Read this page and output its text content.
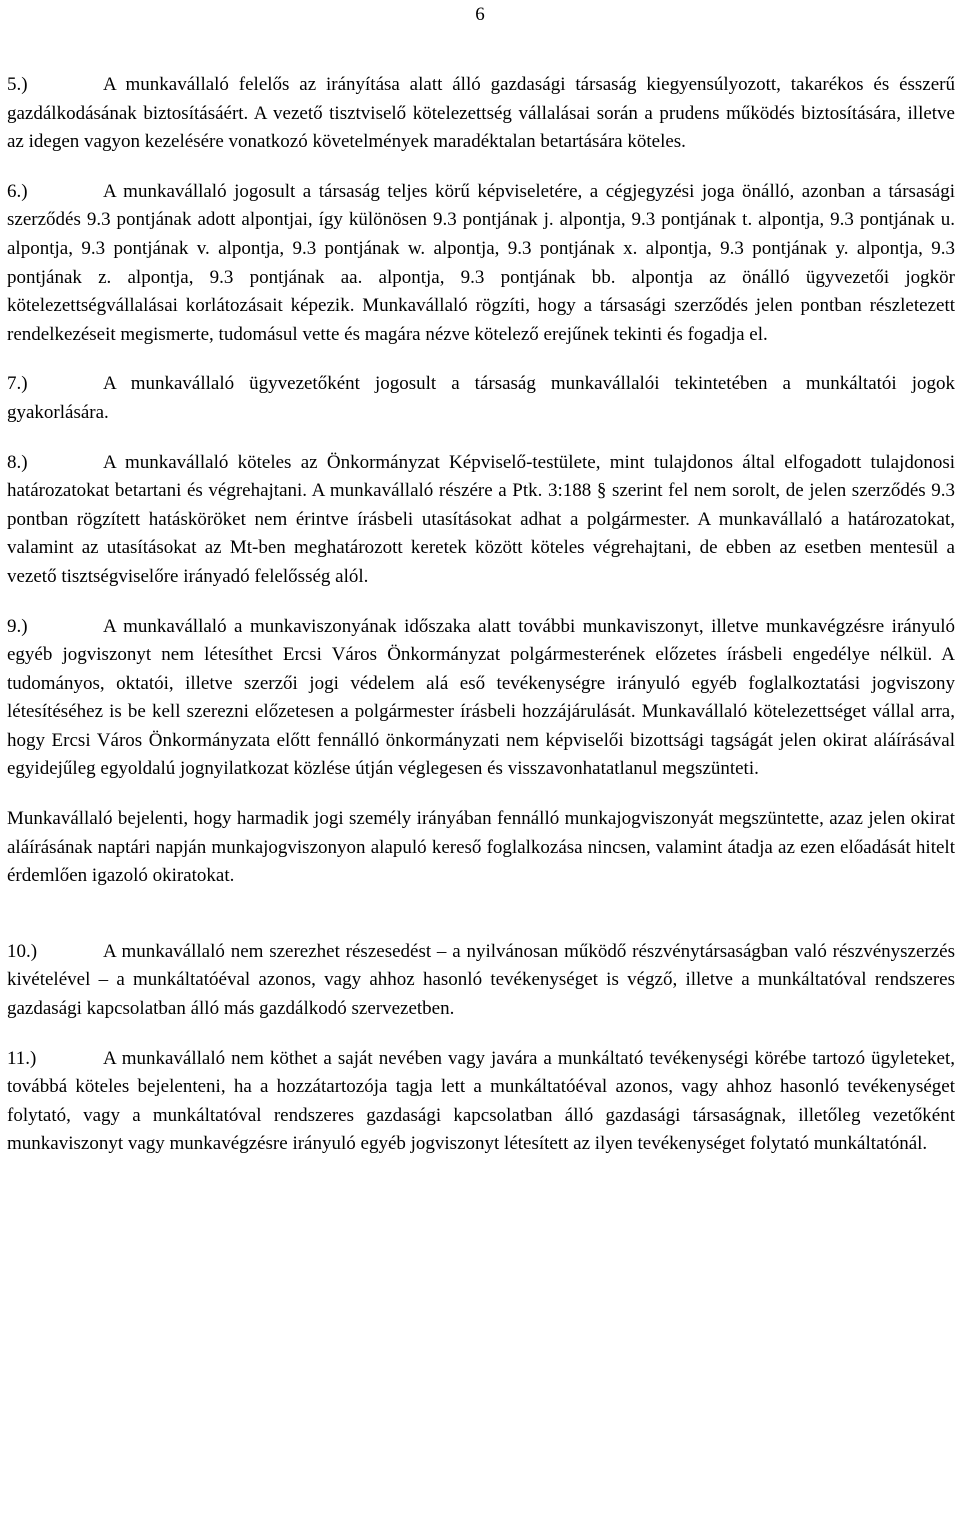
6

5.)	A munkavállaló felelős az irányítása alatt álló gazdasági társaság kiegyensúlyozott, takarékos és ésszerű gazdálkodásának biztosításáért. A vezető tisztviselő kötelezettség vállalásai során a prudens működés biztosítására, illetve az idegen vagyon kezelésére vonatkozó követelmények maradéktalan betartására köteles.

6.)	A munkavállaló jogosult a társaság teljes körű képviseletére, a cégjegyzési joga önálló, azonban a társasági szerződés 9.3 pontjának adott alpontjai, így különösen 9.3 pontjának j. alpontja, 9.3 pontjának t. alpontja, 9.3 pontjának u. alpontja, 9.3 pontjának v. alpontja, 9.3 pontjának w. alpontja, 9.3 pontjának x. alpontja, 9.3 pontjának y. alpontja, 9.3 pontjának z. alpontja, 9.3 pontjának aa. alpontja, 9.3 pontjának bb. alpontja az önálló ügyvezetői jogkör kötelezettségvállalásai korlátozásait képezik. Munkavállaló rögzíti, hogy a társasági szerződés jelen pontban részletezett rendelkezéseit megismerte, tudomásul vette és magára nézve kötelező erejűnek tekinti és fogadja el.

7.)	A munkavállaló ügyvezetőként jogosult a társaság munkavállalói tekintetében a munkáltatói jogok gyakorlására.

8.)	A munkavállaló köteles az Önkormányzat Képviselő-testülete, mint tulajdonos által elfogadott tulajdonosi határozatokat betartani és végrehajtani. A munkavállaló részére a Ptk. 3:188 § szerint fel nem sorolt, de jelen szerződés 9.3 pontban rögzített hatásköröket nem érintve írásbeli utasításokat adhat a polgármester. A munkavállaló a határozatokat, valamint az utasításokat az Mt-ben meghatározott keretek között köteles végrehajtani, de ebben az esetben mentesül a vezető tisztségviselőre irányadó felelősség alól.

9.)	A munkavállaló a munkaviszonyának időszaka alatt további munkaviszonyt, illetve munkavégzésre irányuló egyéb jogviszonyt nem létesíthet Ercsi Város Önkormányzat polgármesterének előzetes írásbeli engedélye nélkül. A tudományos, oktatói, illetve szerzői jogi védelem alá eső tevékenységre irányuló egyéb foglalkoztatási jogviszony létesítéséhez is be kell szerezni előzetesen a polgármester írásbeli hozzájárulását. Munkavállaló kötelezettséget vállal arra, hogy Ercsi Város Önkormányzata előtt fennálló önkormányzati nem képviselői bizottsági tagságát jelen okirat aláírásával egyidejűleg egyoldalú jognyilatkozat közlése útján véglegesen és visszavonhatatlanul megszünteti.

Munkavállaló bejelenti, hogy harmadik jogi személy irányában fennálló munkajogviszonyát megszüntette, azaz jelen okirat aláírásának naptári napján munkajogviszonyon alapuló kereső foglalkozása nincsen, valamint átadja az ezen előadását hitelt érdemlően igazoló okiratokat.

10.)	A munkavállaló nem szerezhet részesedést – a nyilvánosan működő részvénytársaságban való részvényszerzés kivételével – a munkáltatóéval azonos, vagy ahhoz hasonló tevékenységet is végző, illetve a munkáltatóval rendszeres gazdasági kapcsolatban álló más gazdálkodó szervezetben.

11.)	A munkavállaló nem köthet a saját nevében vagy javára a munkáltató tevékenységi körébe tartozó ügyleteket, továbbá köteles bejelenteni, ha a hozzátartozója tagja lett a munkáltatóéval azonos, vagy ahhoz hasonló tevékenységet folytató, vagy a munkáltatóval rendszeres gazdasági kapcsolatban álló gazdasági társaságnak, illetőleg vezetőként munkaviszonyt vagy munkavégzésre irányuló egyéb jogviszonyt létesített az ilyen tevékenységet folytató munkáltatónál.
